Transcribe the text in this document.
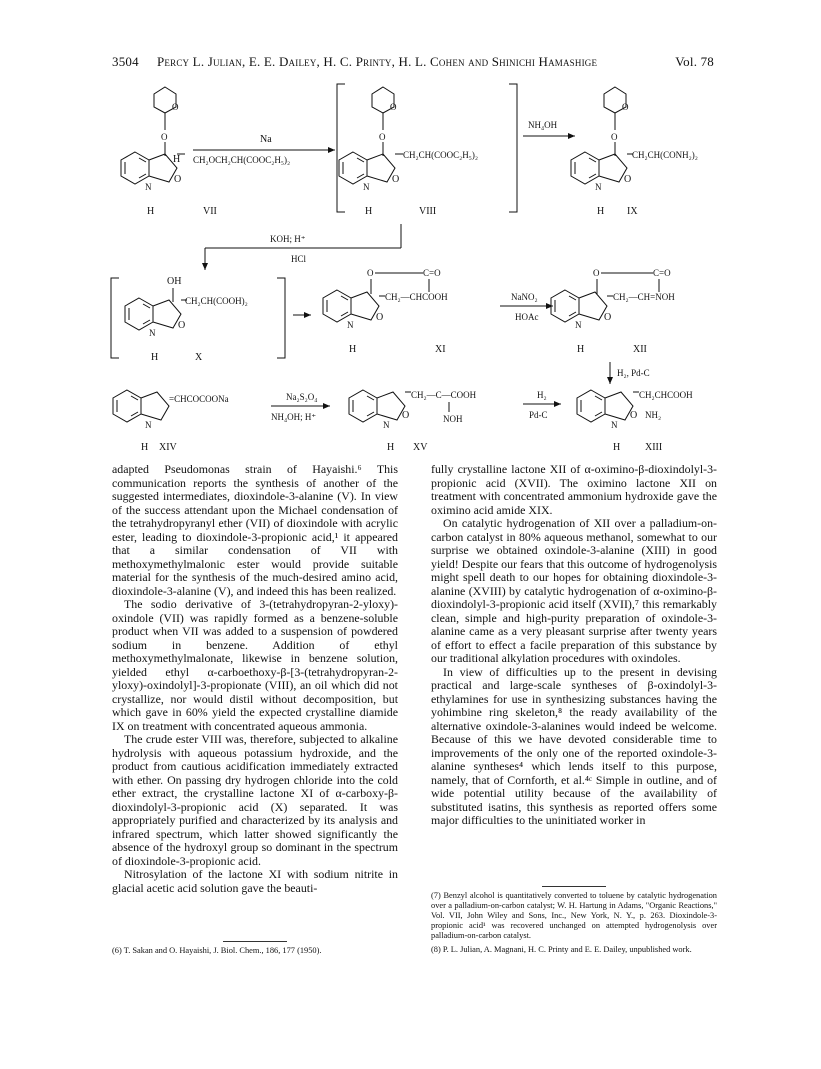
3504 Percy L. Julian, E. E. Dailey, H. C. Printy, H. L. Cohen and Shinichi Hamashige	Vol. 78
O
O
H
O
N
H	VII
Na
CH₂OCH₂CH(COOC₂H₅)₂
O
O
CH₂CH(COOC₂H₅)₂
O
N
H	VIII
NH₄OH
O
O
CH₂CH(CONH₂)₂
O
N
H IX
KOH; H⁺
HCl
OH
CH₂CH(COOH)₂
O
N
H	X
O	C=O
CH₂—CHCOOH
O
N
H	XI
NaNO₂
HOAc
O	C=O
CH₂—CH=NOH
O
N
H	XII
H₂, Pd-C
=CHCOCOONa
N
H XIV
Na₂S₂O₄
NH₄OH; H⁺
CH₂—C—COOH
O	NOH
N
H XV
H₂
Pd-C
CH₂CHCOOH
O NH₂
N
H XIII

adapted Pseudomonas strain of Hayaishi.⁶ This communication reports the synthesis of another of the suggested intermediates, dioxindole-3-alanine (V). In view of the success attendant upon the Michael condensation of the tetrahydropyranyl ether (VII) of dioxindole with acrylic ester, leading to dioxindole-3-propionic acid,¹ it appeared that a similar condensation of VII with methoxymethylmalonic ester would provide suitable material for the synthesis of the much-desired amino acid, dioxindole-3-alanine (V), and indeed this has been realized.

The sodio derivative of 3-(tetrahydropyran-2-yloxy)-oxindole (VII) was rapidly formed as a benzene-soluble product when VII was added to a suspension of powdered sodium in benzene. Addition of ethyl methoxymethylmalonate, likewise in benzene solution, yielded ethyl α-carboethoxy-β-[3-(tetrahydropyran-2-yloxy)-oxindolyl]-3-propionate (VIII), an oil which did not crystallize, nor would distil without decomposition, but which gave in 60% yield the expected crystalline diamide IX on treatment with concentrated aqueous ammonia.

The crude ester VIII was, therefore, subjected to alkaline hydrolysis with aqueous potassium hydroxide, and the product from cautious acidification immediately extracted with ether. On passing dry hydrogen chloride into the cold ether extract, the crystalline lactone XI of α-carboxy-β-dioxindolyl-3-propionic acid (X) separated. It was appropriately purified and characterized by its analysis and infrared spectrum, which latter showed significantly the absence of the hydroxyl group so dominant in the spectrum of dioxindole-3-propionic acid.

Nitrosylation of the lactone XI with sodium nitrite in glacial acetic acid solution gave the beauti-

(6) T. Sakan and O. Hayaishi, J. Biol. Chem., 186, 177 (1950).

fully crystalline lactone XII of α-oximino-β-dioxindolyl-3-propionic acid (XVII). The oximino lactone XII on treatment with concentrated ammonium hydroxide gave the oximino acid amide XIX.

On catalytic hydrogenation of XII over a palladium-on-carbon catalyst in 80% aqueous methanol, somewhat to our surprise we obtained oxindole-3-alanine (XIII) in good yield! Despite our fears that this outcome of hydrogenolysis might spell death to our hopes for obtaining dioxindole-3-alanine (XVIII) by catalytic hydrogenation of α-oximino-β-dioxindolyl-3-propionic acid itself (XVII),⁷ this remarkably clean, simple and high-purity preparation of oxindole-3-alanine came as a very pleasant surprise after twenty years of effort to effect a facile preparation of this substance by our traditional alkylation procedures with oxindoles.

In view of difficulties up to the present in devising practical and large-scale syntheses of β-oxindolyl-3-ethylamines for use in synthesizing substances having the yohimbine ring skeleton,⁸ the ready availability of the alternative oxindole-3-alanines would indeed be welcome. Because of this we have devoted considerable time to improvements of the only one of the reported oxindole-3-alanine syntheses⁴ which lends itself to this purpose, namely, that of Cornforth, et al.⁴ᶜ Simple in outline, and of wide potential utility because of the availability of substituted isatins, this synthesis as reported offers some major difficulties to the uninitiated worker in

(7) Benzyl alcohol is quantitatively converted to toluene by catalytic hydrogenation over a palladium-on-carbon catalyst; W. H. Hartung in Adams, "Organic Reactions," Vol. VII, John Wiley and Sons, Inc., New York, N. Y., p. 263. Dioxindole-3-propionic acid¹ was recovered unchanged on attempted hydrogenolysis over palladium-on-carbon catalyst.
(8) P. L. Julian, A. Magnani, H. C. Printy and E. E. Dailey, unpublished work.
